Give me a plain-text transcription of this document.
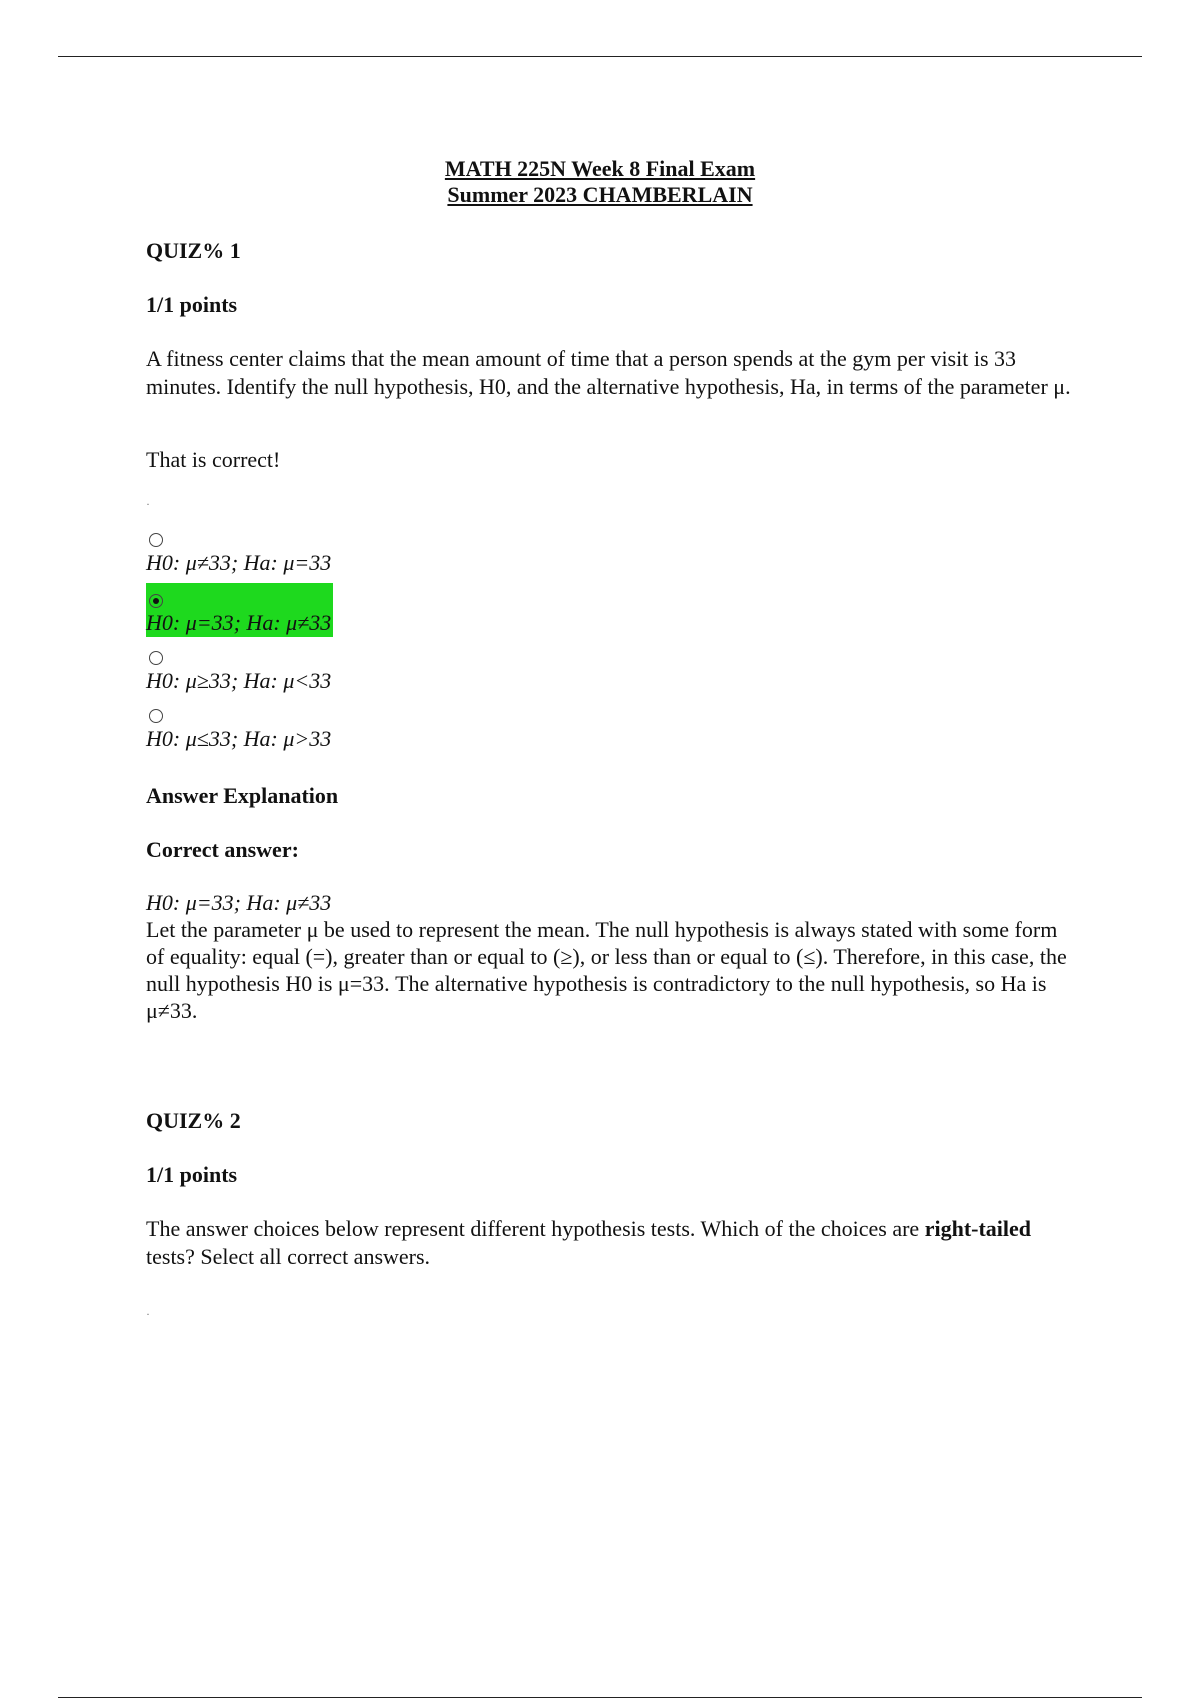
MATH 225N Week 8 Final Exam
Summer 2023 CHAMBERLAIN
QUIZ% 1
1/1 points
A fitness center claims that the mean amount of time that a person spends at the gym per visit is 33 minutes. Identify the null hypothesis, H0, and the alternative hypothesis, Ha, in terms of the parameter μ.
That is correct!
·
H0: μ≠33; Ha: μ=33
H0: μ=33; Ha: μ≠33
H0: μ≥33; Ha: μ<33
H0: μ≤33; Ha: μ>33
Answer Explanation
Correct answer:
H0: μ=33; Ha: μ≠33
Let the parameter μ be used to represent the mean. The null hypothesis is always stated with some form of equality: equal (=), greater than or equal to (≥), or less than or equal to (≤). Therefore, in this case, the null hypothesis H0 is μ=33. The alternative hypothesis is contradictory to the null hypothesis, so Ha is μ≠33.
QUIZ% 2
1/1 points
The answer choices below represent different hypothesis tests. Which of the choices are right-tailed tests? Select all correct answers.
·
